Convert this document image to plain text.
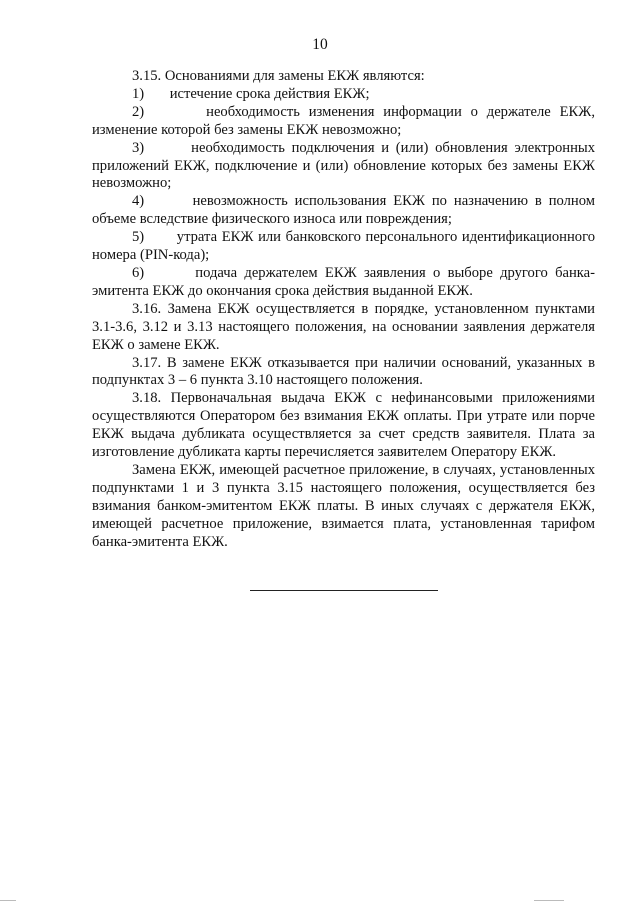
10

3.15. Основаниями для замены ЕКЖ являются:

1)       истечение срока действия ЕКЖ;

2)       необходимость изменения информации о держателе ЕКЖ, изменение которой без замены ЕКЖ невозможно;

3)       необходимость подключения и (или) обновления электронных приложений ЕКЖ, подключение и (или) обновление которых без замены ЕКЖ невозможно;

4)       невозможность использования ЕКЖ по назначению в полном объеме вследствие физического износа или повреждения;

5)       утрата ЕКЖ или банковского персонального идентификационного номера (PIN-кода);

6)       подача держателем ЕКЖ заявления о выборе другого банка-эмитента ЕКЖ до окончания срока действия выданной ЕКЖ.

3.16. Замена ЕКЖ осуществляется в порядке, установленном пунктами 3.1-3.6, 3.12 и 3.13 настоящего положения, на основании заявления держателя ЕКЖ о замене ЕКЖ.

3.17. В замене ЕКЖ отказывается при наличии оснований, указанных в подпунктах 3 – 6 пункта 3.10 настоящего положения.

3.18. Первоначальная выдача ЕКЖ с нефинансовыми приложениями осуществляются Оператором без взимания ЕКЖ оплаты. При утрате или порче ЕКЖ выдача дубликата осуществляется за счет средств заявителя. Плата за изготовление дубликата карты перечисляется заявителем Оператору ЕКЖ.

Замена ЕКЖ, имеющей расчетное приложение, в случаях, установленных подпунктами 1 и 3 пункта 3.15 настоящего положения, осуществляется без взимания банком-эмитентом ЕКЖ платы. В иных случаях с держателя ЕКЖ, имеющей расчетное приложение, взимается плата, установленная тарифом банка-эмитента ЕКЖ.
